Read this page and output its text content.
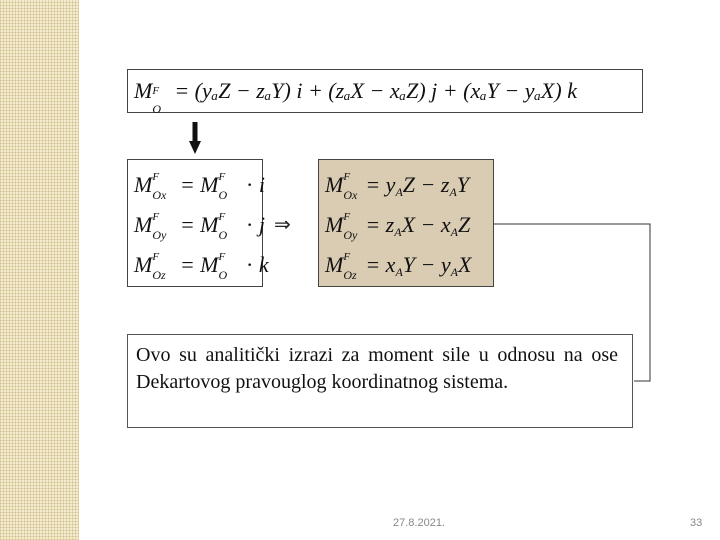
M F
O
= (yₐZ − zₐY) i + (zₐX − xₐZ) j + (xₐY − yₐX) k
M F
Ox = M F
O · i
M F
Oy = M F
O · j
M F
Oz = M F
O · k
⇒
M F
$Ox = y_AZ - z_AY$
M F
$Oy = z_AX - x_AZ$
M F
$Oz = x_AY - y_AX$
Ovo su analitički izrazi za moment sile u odnosu na ose Dekartovog pravouglog koordinatnog sistema.
27.8.2021.	33
